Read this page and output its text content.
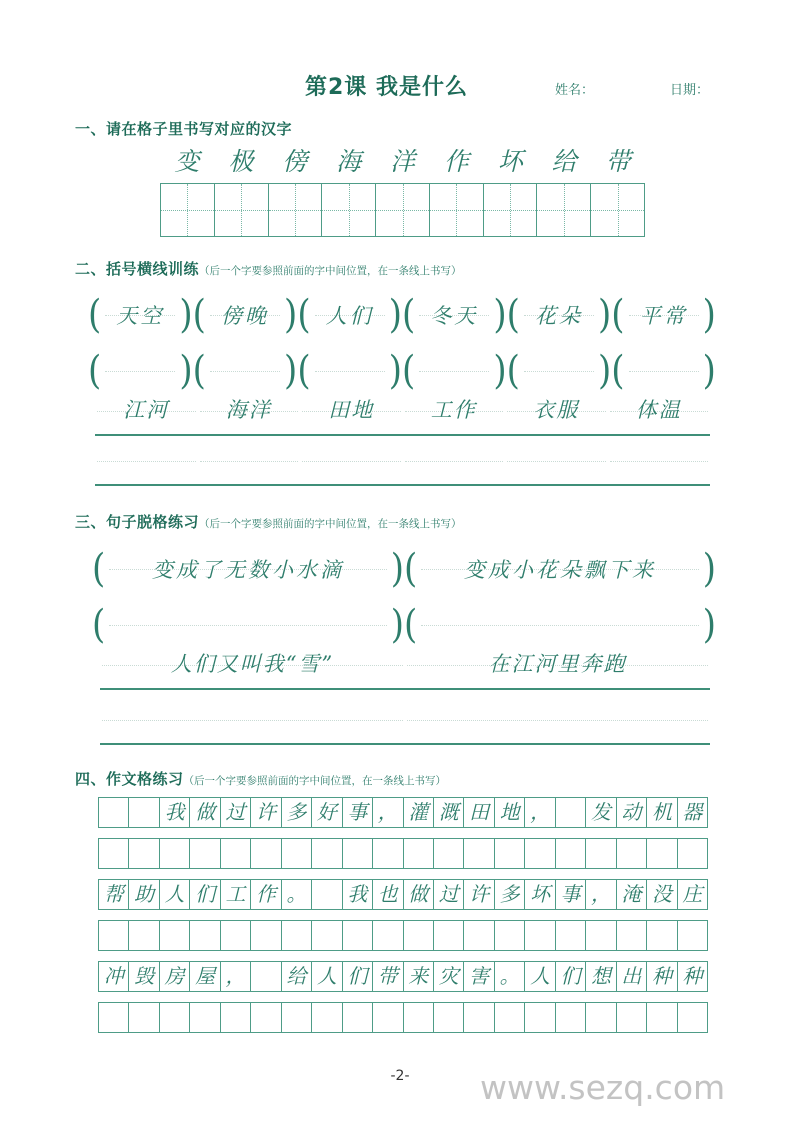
第2课 我是什么	姓名：	日期：
一、请在格子里书写对应的汉字
变	极	傍	海	洋	作	坏	给	带
二、括号横线训练（后一个字要参照前面的字中间位置，在一条线上书写）
( 天空 ) ( 傍晚 ) ( 人们 ) ( 冬天 ) ( 花朵 ) ( 平常 )
( ) ( ) ( ) ( ) ( ) ( )
江河	海洋	田地	工作	衣服	体温
三、句子脱格练习（后一个字要参照前面的字中间位置，在一条线上书写）
( 变成了无数小水滴 ) ( 变成小花朵飘下来 )
(	) (	)
人们又叫我“雪”	在江河里奔跑
四、作文格练习（后一个字要参照前面的字中间位置，在一条线上书写）
我 做 过 许 多 好 事 ， 灌 溉 田 地 ， 发 动 机 器
帮 助 人 们 工 作 。 我 也 做 过 许 多 坏 事 ， 淹 没 庄
冲 毁 房 屋 ， 给 人 们 带 来 灾 害 。 人 们 想 出 种 种
-2-	www.sezq.com
